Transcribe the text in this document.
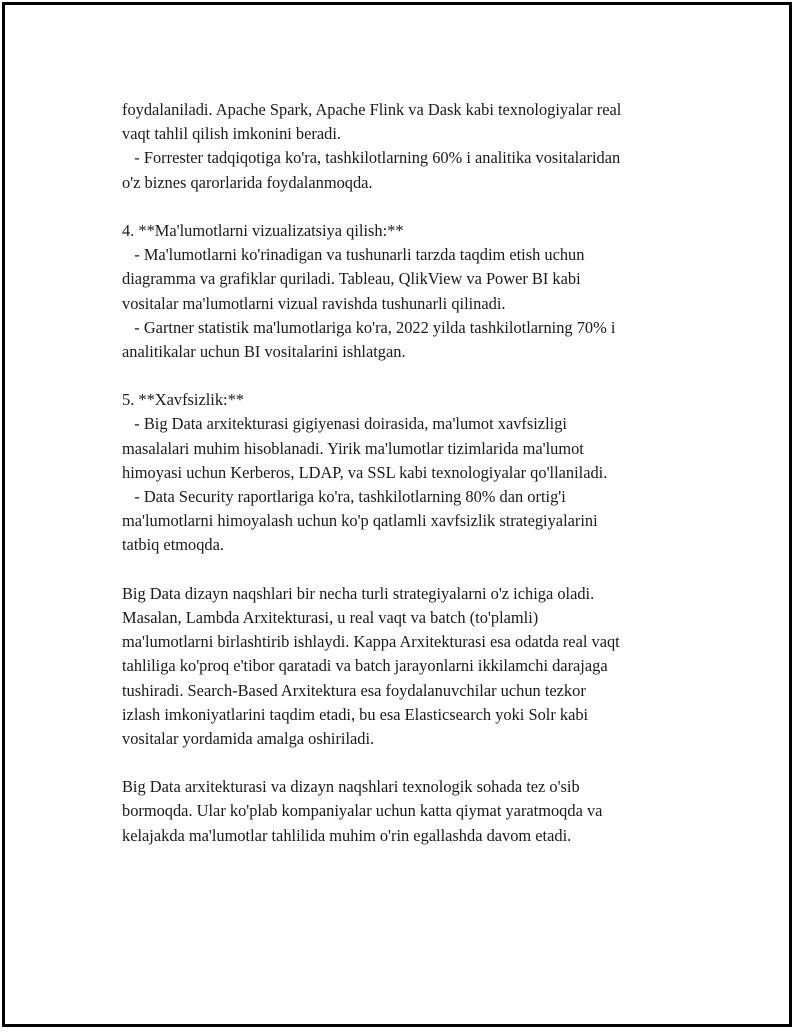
foydalaniladi. Apache Spark, Apache Flink va Dask kabi texnologiyalar real
vaqt tahlil qilish imkonini beradi.
- Forrester tadqiqotiga ko'ra, tashkilotlarning 60% i analitika vositalaridan
o'z biznes qarorlarida foydalanmoqda.
4. **Ma'lumotlarni vizualizatsiya qilish:**
- Ma'lumotlarni ko'rinadigan va tushunarli tarzda taqdim etish uchun
diagramma va grafiklar quriladi. Tableau, QlikView va Power BI kabi
vositalar ma'lumotlarni vizual ravishda tushunarli qilinadi.
- Gartner statistik ma'lumotlariga ko'ra, 2022 yilda tashkilotlarning 70% i
analitikalar uchun BI vositalarini ishlatgan.
5. **Xavfsizlik:**
- Big Data arxitekturasi gigiyenasi doirasida, ma'lumot xavfsizligi
masalalari muhim hisoblanadi. Yirik ma'lumotlar tizimlarida ma'lumot
himoyasi uchun Kerberos, LDAP, va SSL kabi texnologiyalar qo'llaniladi.
- Data Security raportlariga ko'ra, tashkilotlarning 80% dan ortig'i
ma'lumotlarni himoyalash uchun ko'p qatlamli xavfsizlik strategiyalarini
tatbiq etmoqda.
Big Data dizayn naqshlari bir necha turli strategiyalarni o'z ichiga oladi.
Masalan, Lambda Arxitekturasi, u real vaqt va batch (to'plamli)
ma'lumotlarni birlashtirib ishlaydi. Kappa Arxitekturasi esa odatda real vaqt
tahliliga ko'proq e'tibor qaratadi va batch jarayonlarni ikkilamchi darajaga
tushiradi. Search-Based Arxitektura esa foydalanuvchilar uchun tezkor
izlash imkoniyatlarini taqdim etadi, bu esa Elasticsearch yoki Solr kabi
vositalar yordamida amalga oshiriladi.
Big Data arxitekturasi va dizayn naqshlari texnologik sohada tez o'sib
bormoqda. Ular ko'plab kompaniyalar uchun katta qiymat yaratmoqda va
kelajakda ma'lumotlar tahlilida muhim o'rin egallashda davom etadi.
